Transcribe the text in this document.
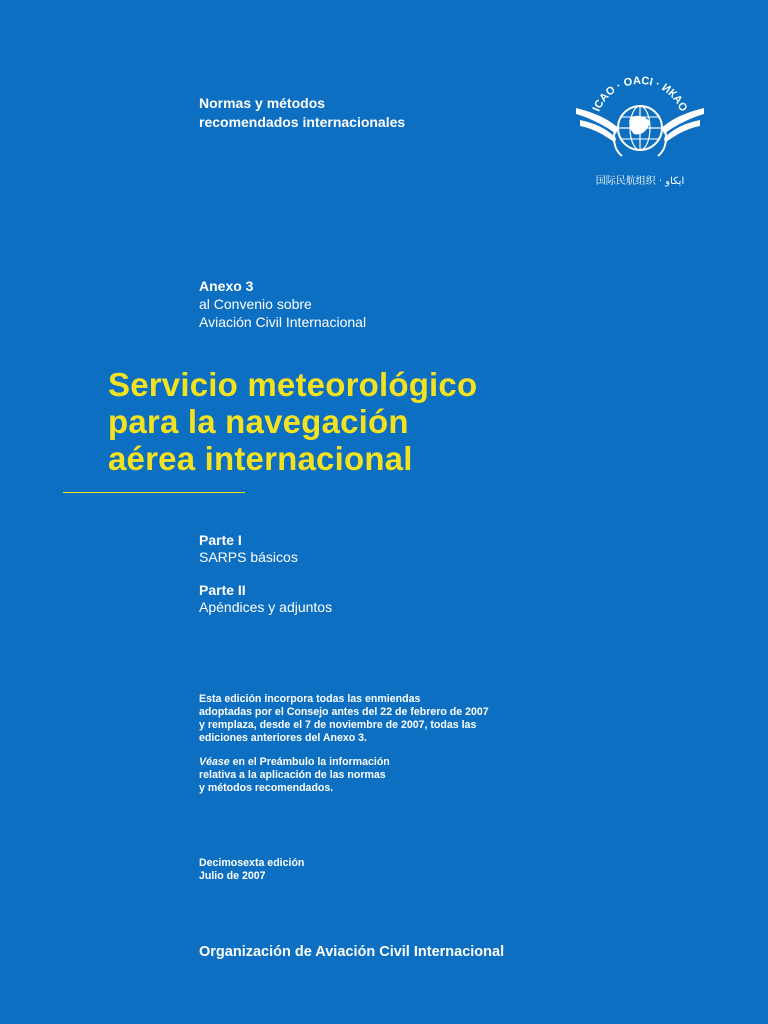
Normas y métodos
recomendados internacionales
ICAO · OACI · ИКАО
国际民航组织 · ایکاو
Anexo 3
al Convenio sobre
Aviación Civil Internacional
Servicio meteorológico
para la navegación
aérea internacional
Parte I
SARPS básicos
Parte II
Apéndices y adjuntos
Esta edición incorpora todas las enmiendas
adoptadas por el Consejo antes del 22 de febrero de 2007
y remplaza, desde el 7 de noviembre de 2007, todas las
ediciones anteriores del Anexo 3.
Véase en el Preámbulo la información
relativa a la aplicación de las normas
y métodos recomendados.
Decimosexta edición
Julio de 2007
Organización de Aviación Civil Internacional
